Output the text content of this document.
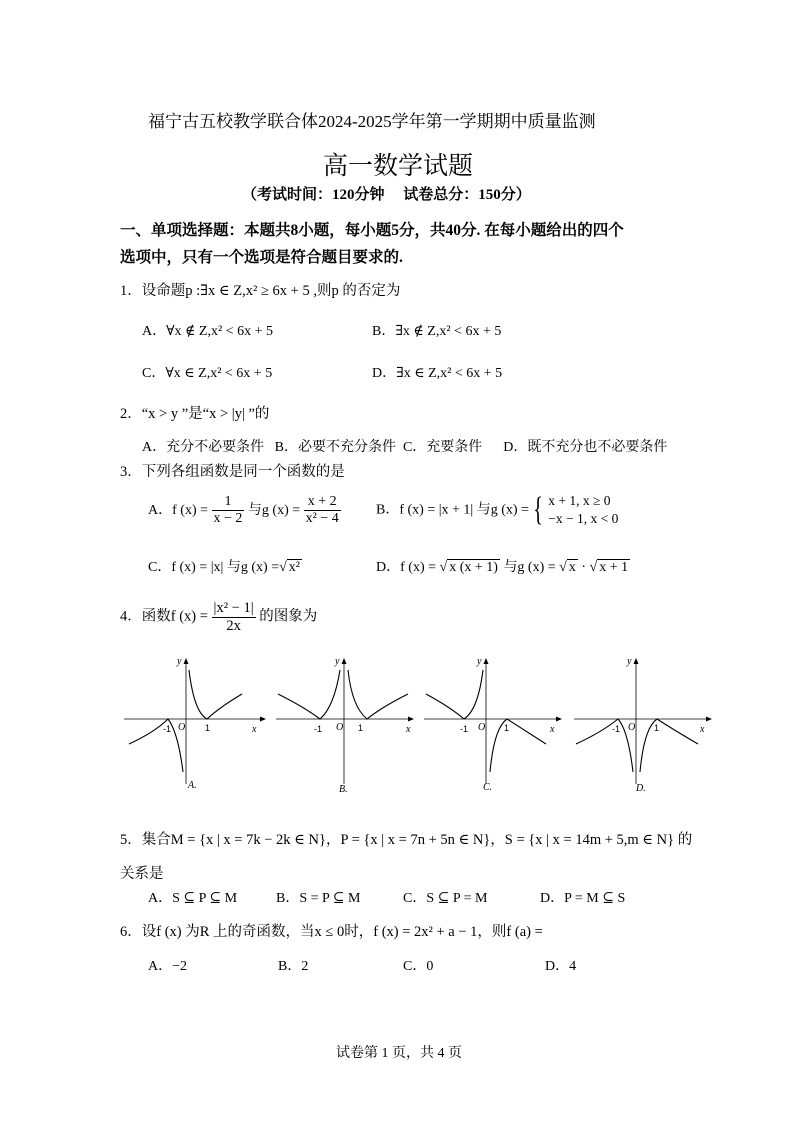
福宁古五校教学联合体2024-2025学年第一学期期中质量监测
高一数学试题
（考试时间：120分钟     试卷总分：150分）
一、单项选择题：本题共8小题，每小题5分，共40分. 在每小题给出的四个
选项中，只有一个选项是符合题目要求的.
1．设命题p :∃x ∈ Z,x² ≥ 6x + 5 ,则p 的否定为
A．∀x ∉ Z,x² < 6x + 5	B．∃x ∉ Z,x² < 6x + 5
C．∀x ∈ Z,x² < 6x + 5	D．∃x ∈ Z,x² < 6x + 5
2．“x > y ”是“x > |y| ”的
A．充分不必要条件   B．必要不充分条件  C．充要条件      D．既不充分也不必要条件
3．下列各组函数是同一个函数的是
A．f $(x) = \frac{1}{x - 2}$ 与g $(x) = \frac{x + 2}{\text{x² − 4}}$	B．f (x) = |x + 1| 与g (x) = { x + 1, x ≥ 0
−x − 1, x < 0
C．f (x) = |x| 与g (x) =√ x²	D．f (x) = √ x (x + 1) 与g (x) = √ x · √ x + 1
4．函数f $(x) = \frac{\text{|x² − 1|}}{2x}$ 的图象为
y
x
O
-1	1
A.
y
x
O
-1	1
B.
y
x
O
-1	1
C.
y
x
O
-1	1
D.
5．集合M = {x | x = 7k − 2k ∈ N}，P = {x | x = 7n + 5n ∈ N}，S = {x | x = 14m + 5,m ∈ N} 的
关系是
A．S ⊆ P ⊆ M	B．S = P ⊆ M	C．S ⊆ P = M	D．P = M ⊆ S
6．设f (x) 为R 上的奇函数，当x ≤ 0时，f (x) = 2x² + a − 1，则f (a) =
A．−2	B．2	C．0	D．4
试卷第 1 页，共 4 页
